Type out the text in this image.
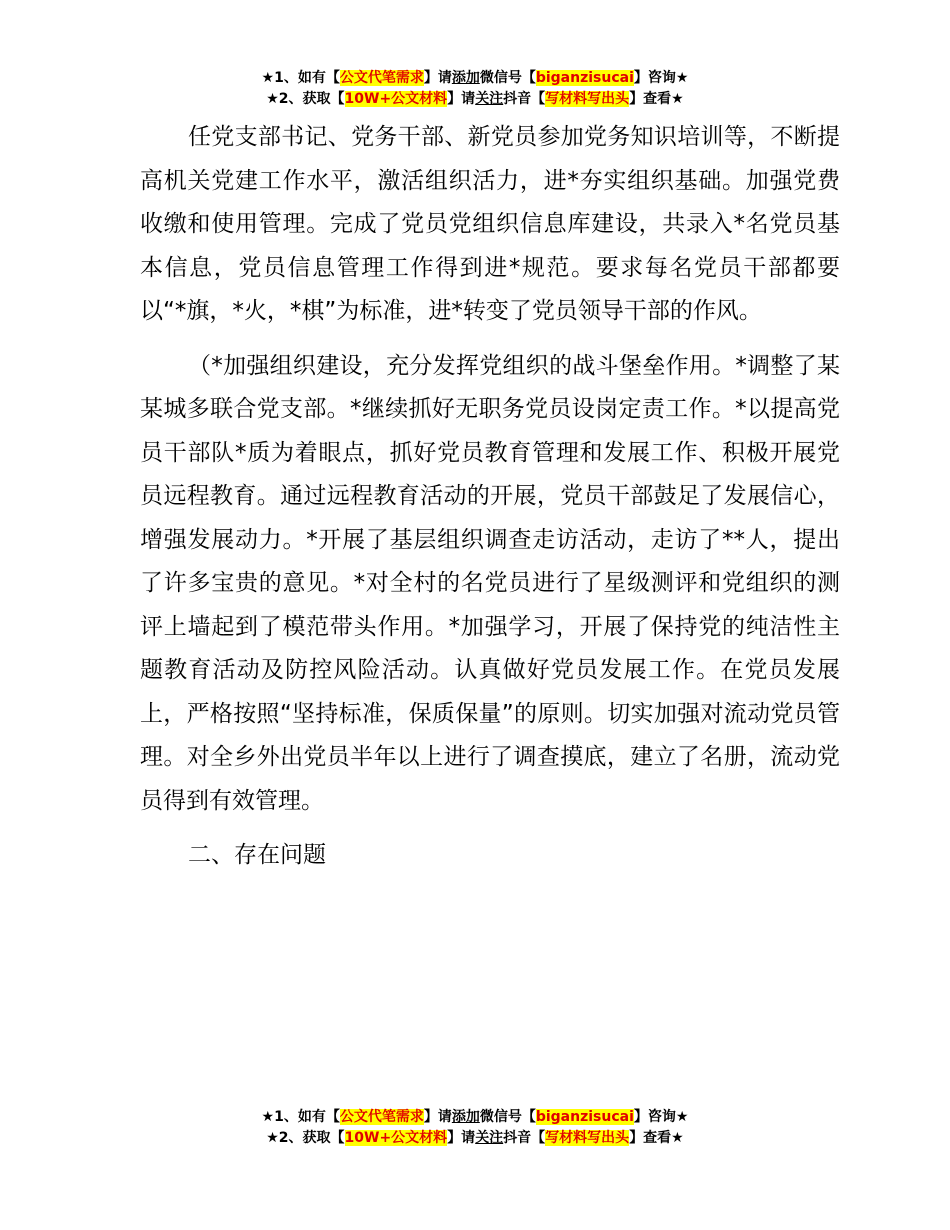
★1、如有【公文代笔需求】请添加微信号【biganzisucai】咨询★
★2、获取【10W+公文材料】请关注抖音【写材料写出头】查看★

任党支部书记、党务干部、新党员参加党务知识培训等，不断提高机关党建工作水平，激活组织活力，进*夯实组织基础。加强党费收缴和使用管理。完成了党员党组织信息库建设，共录入*名党员基本信息，党员信息管理工作得到进*规范。要求每名党员干部都要以“*旗，*火，*棋”为标准，进*转变了党员领导干部的作风。

（*加强组织建设，充分发挥党组织的战斗堡垒作用。*调整了某某城多联合党支部。*继续抓好无职务党员设岗定责工作。*以提高党员干部队*质为着眼点，抓好党员教育管理和发展工作、积极开展党员远程教育。通过远程教育活动的开展，党员干部鼓足了发展信心，增强发展动力。*开展了基层组织调查走访活动，走访了**人，提出了许多宝贵的意见。*对全村的名党员进行了星级测评和党组织的测评上墙起到了模范带头作用。*加强学习，开展了保持党的纯洁性主题教育活动及防控风险活动。认真做好党员发展工作。在党员发展上，严格按照“坚持标准，保质保量”的原则。切实加强对流动党员管理。对全乡外出党员半年以上进行了调查摸底，建立了名册，流动党员得到有效管理。

二、存在问题

★1、如有【公文代笔需求】请添加微信号【biganzisucai】咨询★
★2、获取【10W+公文材料】请关注抖音【写材料写出头】查看★
